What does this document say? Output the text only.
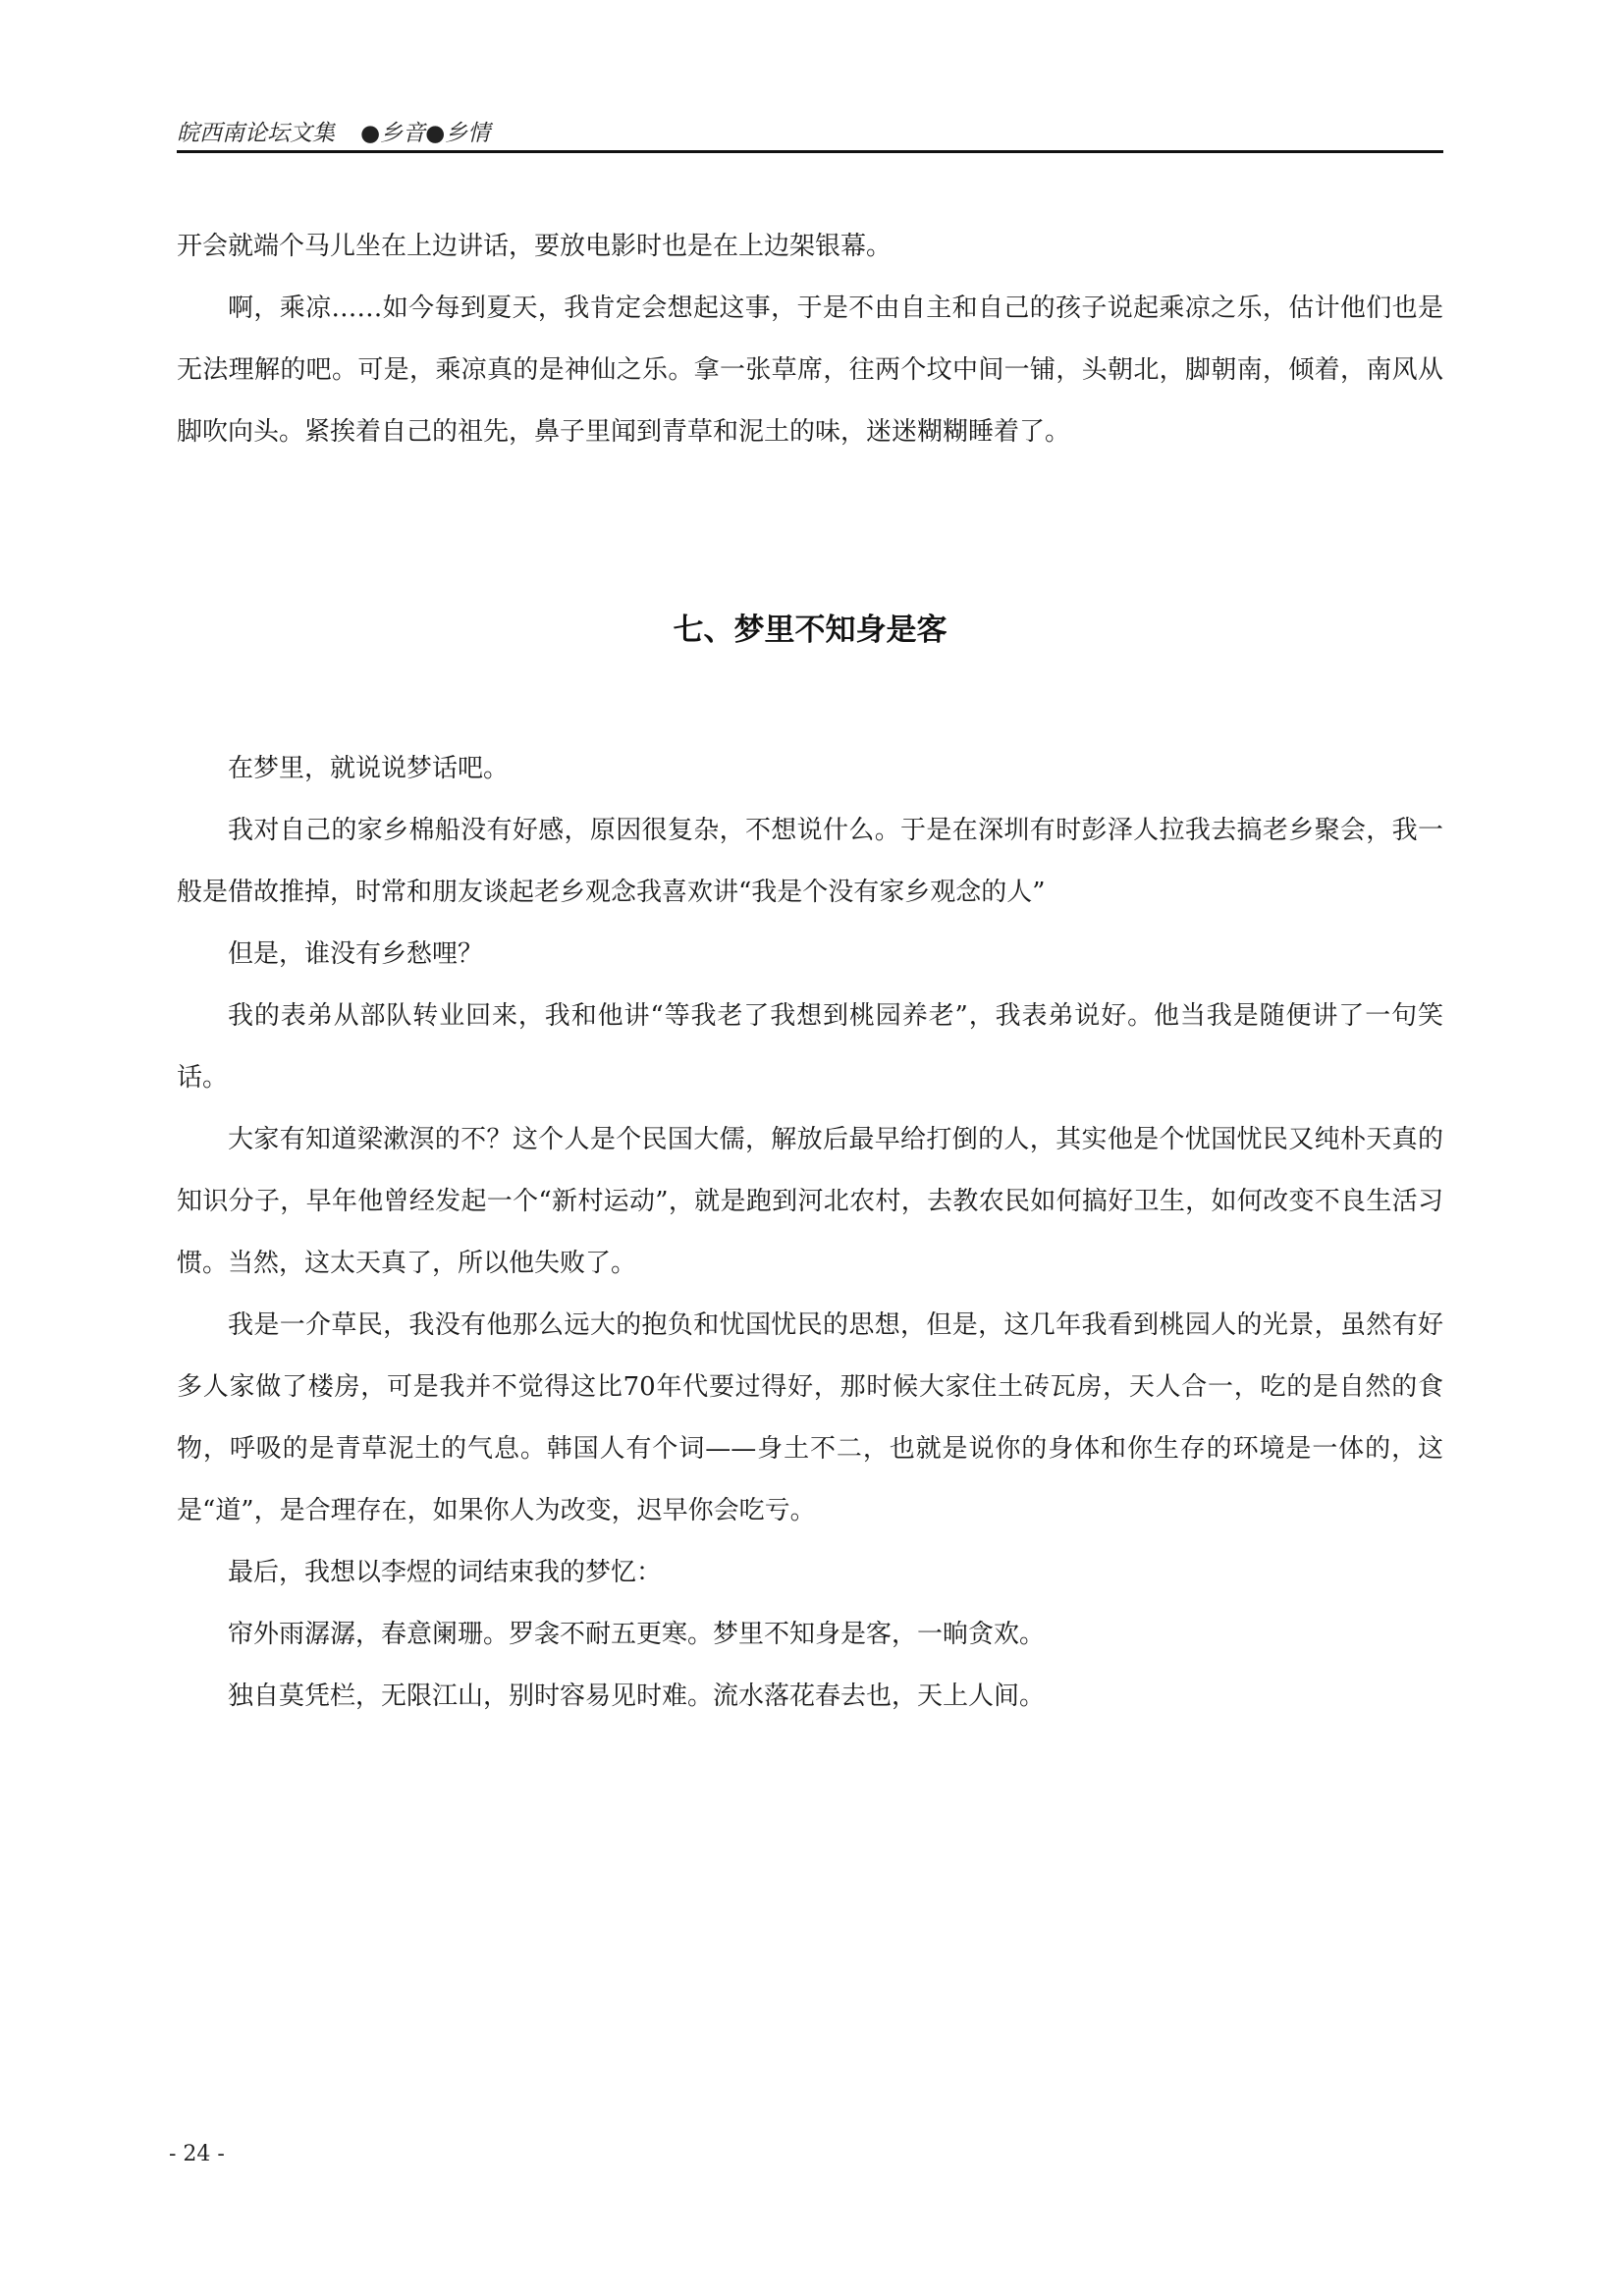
皖西南论坛文集 ●乡音●乡情

开会就端个马儿坐在上边讲话，要放电影时也是在上边架银幕。

啊，乘凉……如今每到夏天，我肯定会想起这事，于是不由自主和自己的孩子说起乘凉之乐，估计他们也是无法理解的吧。可是，乘凉真的是神仙之乐。拿一张草席，往两个坟中间一铺，头朝北，脚朝南，倾着，南风从脚吹向头。紧挨着自己的祖先，鼻子里闻到青草和泥土的味，迷迷糊糊睡着了。

七、梦里不知身是客

在梦里，就说说梦话吧。

我对自己的家乡棉船没有好感，原因很复杂，不想说什么。于是在深圳有时彭泽人拉我去搞老乡聚会，我一般是借故推掉，时常和朋友谈起老乡观念我喜欢讲“我是个没有家乡观念的人”

但是，谁没有乡愁哩？

我的表弟从部队转业回来，我和他讲“等我老了我想到桃园养老”，我表弟说好。他当我是随便讲了一句笑话。

大家有知道梁漱溟的不？这个人是个民国大儒，解放后最早给打倒的人，其实他是个忧国忧民又纯朴天真的知识分子，早年他曾经发起一个“新村运动”，就是跑到河北农村，去教农民如何搞好卫生，如何改变不良生活习惯。当然，这太天真了，所以他失败了。

我是一介草民，我没有他那么远大的抱负和忧国忧民的思想，但是，这几年我看到桃园人的光景，虽然有好多人家做了楼房，可是我并不觉得这比70年代要过得好，那时候大家住土砖瓦房，天人合一，吃的是自然的食物，呼吸的是青草泥土的气息。韩国人有个词——身土不二，也就是说你的身体和你生存的环境是一体的，这是“道”，是合理存在，如果你人为改变，迟早你会吃亏。

最后，我想以李煜的词结束我的梦忆：

帘外雨潺潺，春意阑珊。罗衾不耐五更寒。梦里不知身是客，一晌贪欢。

独自莫凭栏，无限江山，别时容易见时难。流水落花春去也，天上人间。

- 24 -
